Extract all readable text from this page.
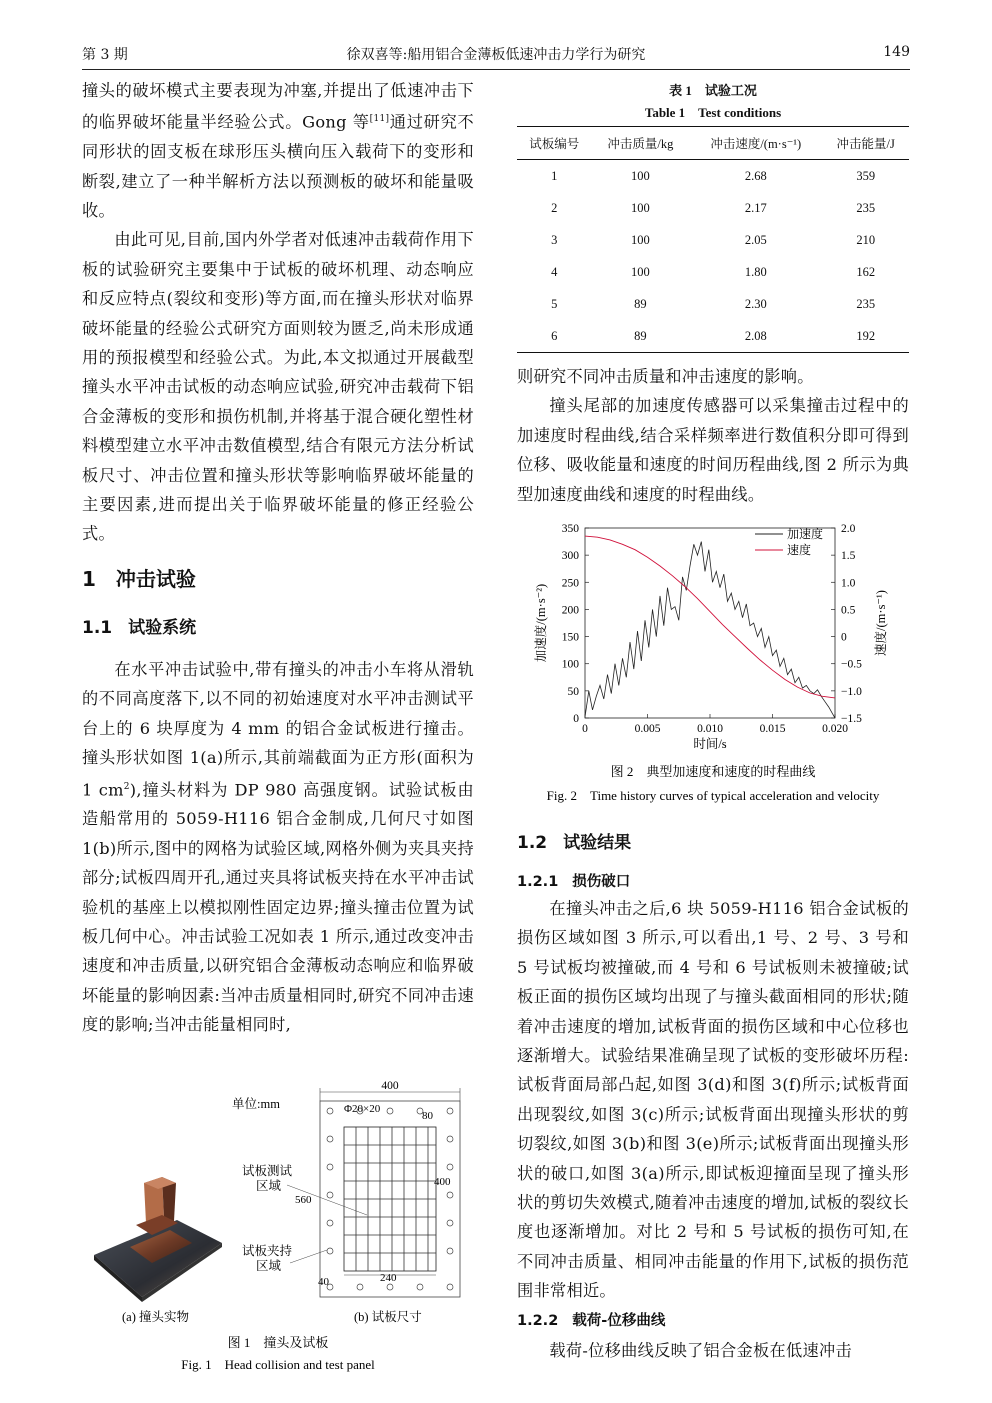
第 3 期	徐双喜等:船用铝合金薄板低速冲击力学行为研究	149

撞头的破坏模式主要表现为冲塞,并提出了低速冲击下的临界破坏能量半经验公式。Gong 等[11]通过研究不同形状的固支板在球形压头横向压入载荷下的变形和断裂,建立了一种半解析方法以预测板的破坏和能量吸收。

由此可见,目前,国内外学者对低速冲击载荷作用下板的试验研究主要集中于试板的破坏机理、动态响应和反应特点(裂纹和变形)等方面,而在撞头形状对临界破坏能量的经验公式研究方面则较为匮乏,尚未形成通用的预报模型和经验公式。为此,本文拟通过开展截型撞头水平冲击试板的动态响应试验,研究冲击载荷下铝合金薄板的变形和损伤机制,并将基于混合硬化塑性材料模型建立水平冲击数值模型,结合有限元方法分析试板尺寸、冲击位置和撞头形状等影响临界破坏能量的主要因素,进而提出关于临界破坏能量的修正经验公式。

1 冲击试验
1.1 试验系统

在水平冲击试验中,带有撞头的冲击小车将从滑轨的不同高度落下,以不同的初始速度对水平冲击测试平台上的 6 块厚度为 4 mm 的铝合金试板进行撞击。撞头形状如图 1(a)所示,其前端截面为正方形(面积为 1 $cm^2$),撞头材料为 DP 980 高强度钢。试验试板由造船常用的 5059-H116 铝合金制成,几何尺寸如图 1(b)所示,图中的网格为试验区域,网格外侧为夹具夹持部分;试板四周开孔,通过夹具将试板夹持在水平冲击试验机的基座上以模拟刚性固定边界;撞头撞击位置为试板几何中心。冲击试验工况如表 1 所示,通过改变冲击速度和冲击质量,以研究铝合金薄板动态响应和临界破坏能量的影响因素:当冲击质量相同时,研究不同冲击速度的影响;当冲击能量相同时,

400
Φ20×20
80
400
560
40	240
单位:mm
试板测试
区域
试板夹持
区域
(a) 撞头实物	(b) 试板尺寸
图 1　撞头及试板
Fig. 1　Head collision and test panel
表 1　试验工况
Table 1　Test conditions
试板编号	冲击质量/kg	冲击速度/(m·s⁻¹)	冲击能量/J
1	100	2.68	359
2	100	2.17	235
3	100	2.05	210
4	100	1.80	162
5	89	2.30	235
6	89	2.08	192

则研究不同冲击质量和冲击速度的影响。

撞头尾部的加速度传感器可以采集撞击过程中的加速度时程曲线,结合采样频率进行数值积分即可得到位移、吸收能量和速度的时间历程曲线,图 2 所示为典型加速度曲线和速度的时程曲线。

0	0.005	0.010	0.015	0.020
0
50
100
150
200
250
300
350
−1.5
−1.0
−0.5
0
0.5
1.0
1.5
2.0
时间/s
加速度/(m·s⁻²)	速度/(m·s⁻¹)
加速度
速度
图 2　典型加速度和速度的时程曲线
Fig. 2　Time history curves of typical acceleration and velocity
1.2 试验结果
1.2.1 损伤破口

在撞头冲击之后,6 块 5059-H116 铝合金试板的损伤区域如图 3 所示,可以看出,1 号、2 号、3 号和 5 号试板均被撞破,而 4 号和 6 号试板则未被撞破;试板正面的损伤区域均出现了与撞头截面相同的形状;随着冲击速度的增加,试板背面的损伤区域和中心位移也逐渐增大。试验结果准确呈现了试板的变形破坏历程:试板背面局部凸起,如图 3(d)和图 3(f)所示;试板背面出现裂纹,如图 3(c)所示;试板背面出现撞头形状的剪切裂纹,如图 3(b)和图 3(e)所示;试板背面出现撞头形状的破口,如图 3(a)所示,即试板迎撞面呈现了撞头形状的剪切失效模式,随着冲击速度的增加,试板的裂纹长度也逐渐增加。对比 2 号和 5 号试板的损伤可知,在不同冲击质量、相同冲击能量的作用下,试板的损伤范围非常相近。

1.2.2 载荷-位移曲线

载荷-位移曲线反映了铝合金板在低速冲击
